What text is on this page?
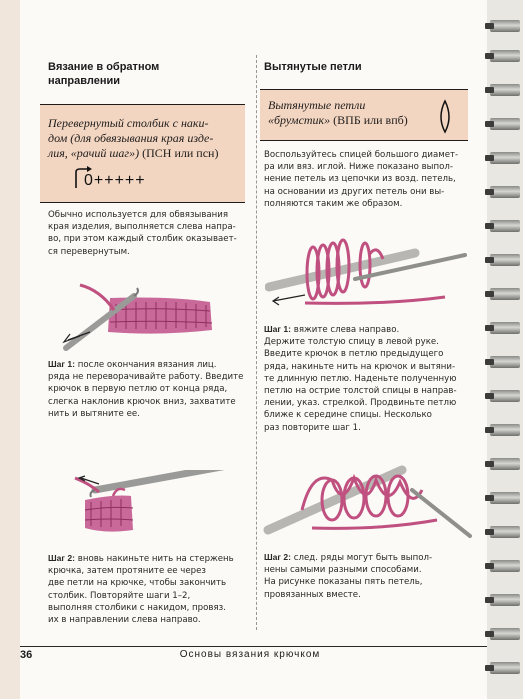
Вязание в обратном
направлении
Перевернутый столбик с наки-
дом (для обвязывания края изде-
лия, «рачий шаг») (ПСН или псн)
0+++++
Обычно используется для обвязывания
края изделия, выполняется слева напра-
во, при этом каждый столбик оказывает-
ся перевернутым.
Шаг 1: после окончания вязания лиц.
ряда не переворачивайте работу. Введите
крючок в первую петлю от конца ряда,
слегка наклонив крючок вниз, захватите
нить и вытяните ее.
Шаг 2: вновь накиньте нить на стержень
крючка, затем протяните ее через
две петли на крючке, чтобы закончить
столбик. Повторяйте шаги 1–2,
выполняя столбики с накидом, провяз.
их в направлении слева направо.
Вытянутые петли
Вытянутые петли
«брумстик» (ВПБ или впб)
Воспользуйтесь спицей большого диамет-
ра или вяз. иглой. Ниже показано выпол-
нение петель из цепочки из возд. петель,
на основании из других петель они вы-
полняются таким же образом.
Шаг 1: вяжите слева направо.
Держите толстую спицу в левой руке.
Введите крючок в петлю предыдущего
ряда, накиньте нить на крючок и вытяни-
те длинную петлю. Наденьте полученную
петлю на острие толстой спицы в направ-
лении, указ. стрелкой. Продвиньте петлю
ближе к середине спицы. Несколько
раз повторите шаг 1.
Шаг 2: след. ряды могут быть выпол-
нены самыми разными способами.
На рисунке показаны пять петель,
провязанных вместе.
36	Основы вязания крючком
